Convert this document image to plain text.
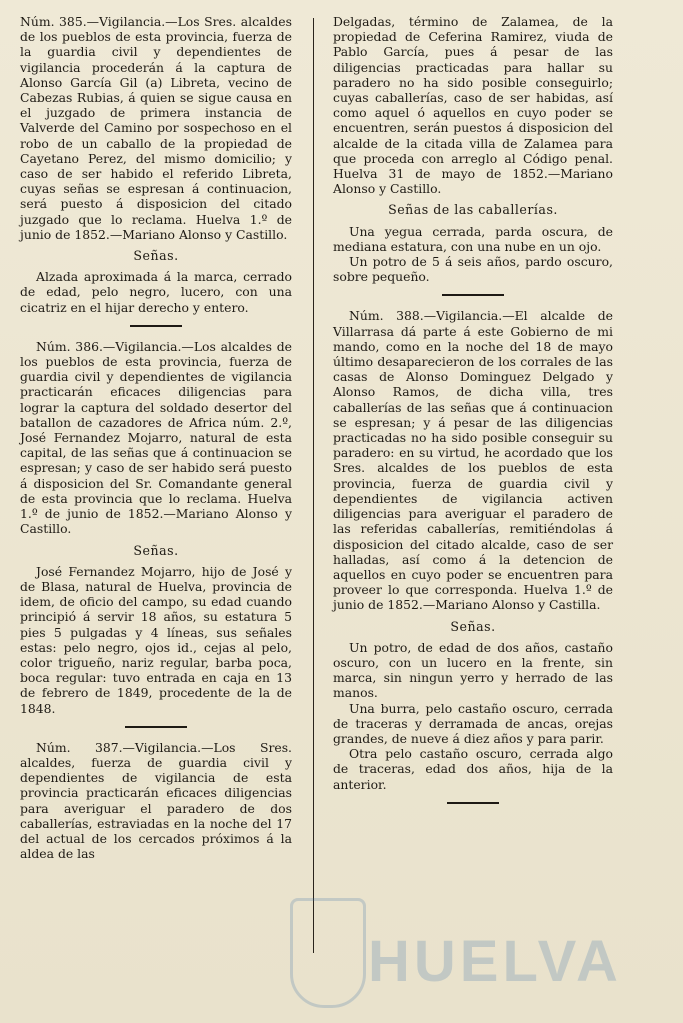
Núm. 385.—Vigilancia.—Los Sres. alcaldes de los pueblos de esta provincia, fuerza de la guardia civil y dependientes de vigilancia procederán á la captura de Alonso García Gil (a) Libreta, vecino de Cabezas Rubias, á quien se sigue causa en el juzgado de primera instancia de Valverde del Camino por sospechoso en el robo de un caballo de la propiedad de Cayetano Perez, del mismo domicilio; y caso de ser habido el referido Libreta, cuyas señas se espresan á continuacion, será puesto á disposicion del citado juzgado que lo reclama. Huelva 1.º de junio de 1852.—Mariano Alonso y Castillo.

Señas.

Alzada aproximada á la marca, cerrado de edad, pelo negro, lucero, con una cicatriz en el hijar derecho y entero.

Núm. 386.—Vigilancia.—Los alcaldes de los pueblos de esta provincia, fuerza de guardia civil y dependientes de vigilancia practicarán eficaces diligencias para lograr la captura del soldado desertor del batallon de cazadores de Africa núm. 2.º, José Fernandez Mojarro, natural de esta capital, de las señas que á continuacion se espresan; y caso de ser habido será puesto á disposicion del Sr. Comandante general de esta provincia que lo reclama. Huelva 1.º de junio de 1852.—Mariano Alonso y Castillo.

Señas.

José Fernandez Mojarro, hijo de José y de Blasa, natural de Huelva, provincia de idem, de oficio del campo, su edad cuando principió á servir 18 años, su estatura 5 pies 5 pulgadas y 4 líneas, sus señales estas: pelo negro, ojos id., cejas al pelo, color trigueño, nariz regular, barba poca, boca regular: tuvo entrada en caja en 13 de febrero de 1849, procedente de la de 1848.

Núm. 387.—Vigilancia.—Los Sres. alcaldes, fuerza de guardia civil y dependientes de vigilancia de esta provincia practicarán eficaces diligencias para averiguar el paradero de dos caballerías, estraviadas en la noche del 17 del actual de los cercados próximos á la aldea de las

Delgadas, término de Zalamea, de la propiedad de Ceferina Ramirez, viuda de Pablo García, pues á pesar de las diligencias practicadas para hallar su paradero no ha sido posible conseguirlo; cuyas caballerías, caso de ser habidas, así como aquel ó aquellos en cuyo poder se encuentren, serán puestos á disposicion del alcalde de la citada villa de Zalamea para que proceda con arreglo al Código penal. Huelva 31 de mayo de 1852.—Mariano Alonso y Castillo.

Señas de las caballerías.

Una yegua cerrada, parda oscura, de mediana estatura, con una nube en un ojo.

Un potro de 5 á seis años, pardo oscuro, sobre pequeño.

Núm. 388.—Vigilancia.—El alcalde de Villarrasa dá parte á este Gobierno de mi mando, como en la noche del 18 de mayo último desaparecieron de los corrales de las casas de Alonso Dominguez Delgado y Alonso Ramos, de dicha villa, tres caballerías de las señas que á continuacion se espresan; y á pesar de las diligencias practicadas no ha sido posible conseguir su paradero: en su virtud, he acordado que los Sres. alcaldes de los pueblos de esta provincia, fuerza de guardia civil y dependientes de vigilancia activen diligencias para averiguar el paradero de las referidas caballerías, remitiéndolas á disposicion del citado alcalde, caso de ser halladas, así como á la detencion de aquellos en cuyo poder se encuentren para proveer lo que corresponda. Huelva 1.º de junio de 1852.—Mariano Alonso y Castilla.

Señas.

Un potro, de edad de dos años, castaño oscuro, con un lucero en la frente, sin marca, sin ningun yerro y herrado de las manos.

Una burra, pelo castaño oscuro, cerrada de traceras y derramada de ancas, orejas grandes, de nueve á diez años y para parir.

Otra pelo castaño oscuro, cerrada algo de traceras, edad dos años, hija de la anterior.

HUELVA
